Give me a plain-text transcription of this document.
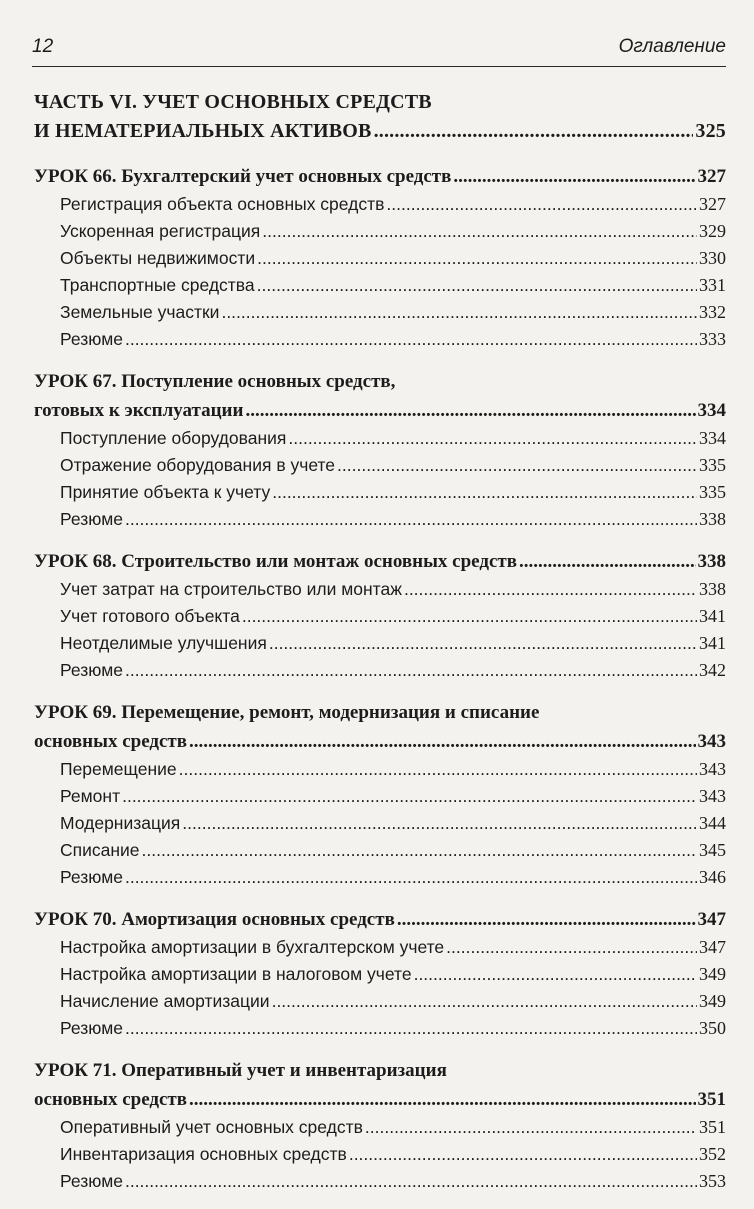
12	Оглавление
ЧАСТЬ VI. УЧЕТ ОСНОВНЫХ СРЕДСТВ
И НЕМАТЕРИАЛЬНЫХ АКТИВОВ .....	325
УРОК 66. Бухгалтерский учет основных средств .....	327
Регистрация объекта основных средств .....	327
Ускоренная регистрация .....	329
Объекты недвижимости .....	330
Транспортные средства .....	331
Земельные участки .....	332
Резюме .....	333
УРОК 67. Поступление основных средств,
готовых к эксплуатации .....	334
Поступление оборудования .....	334
Отражение оборудования в учете .....	335
Принятие объекта к учету .....	335
Резюме .....	338
УРОК 68. Строительство или монтаж основных средств .....	338
Учет затрат на строительство или монтаж .....	338
Учет готового объекта .....	341
Неотделимые улучшения .....	341
Резюме .....	342
УРОК 69. Перемещение, ремонт, модернизация и списание
основных средств .....	343
Перемещение .....	343
Ремонт .....	343
Модернизация .....	344
Списание .....	345
Резюме .....	346
УРОК 70. Амортизация основных средств .....	347
Настройка амортизации в бухгалтерском учете .....	347
Настройка амортизации в налоговом учете .....	349
Начисление амортизации .....	349
Резюме .....	350
УРОК 71. Оперативный учет и инвентаризация
основных средств .....	351
Оперативный учет основных средств .....	351
Инвентаризация основных средств .....	352
Резюме .....	353
